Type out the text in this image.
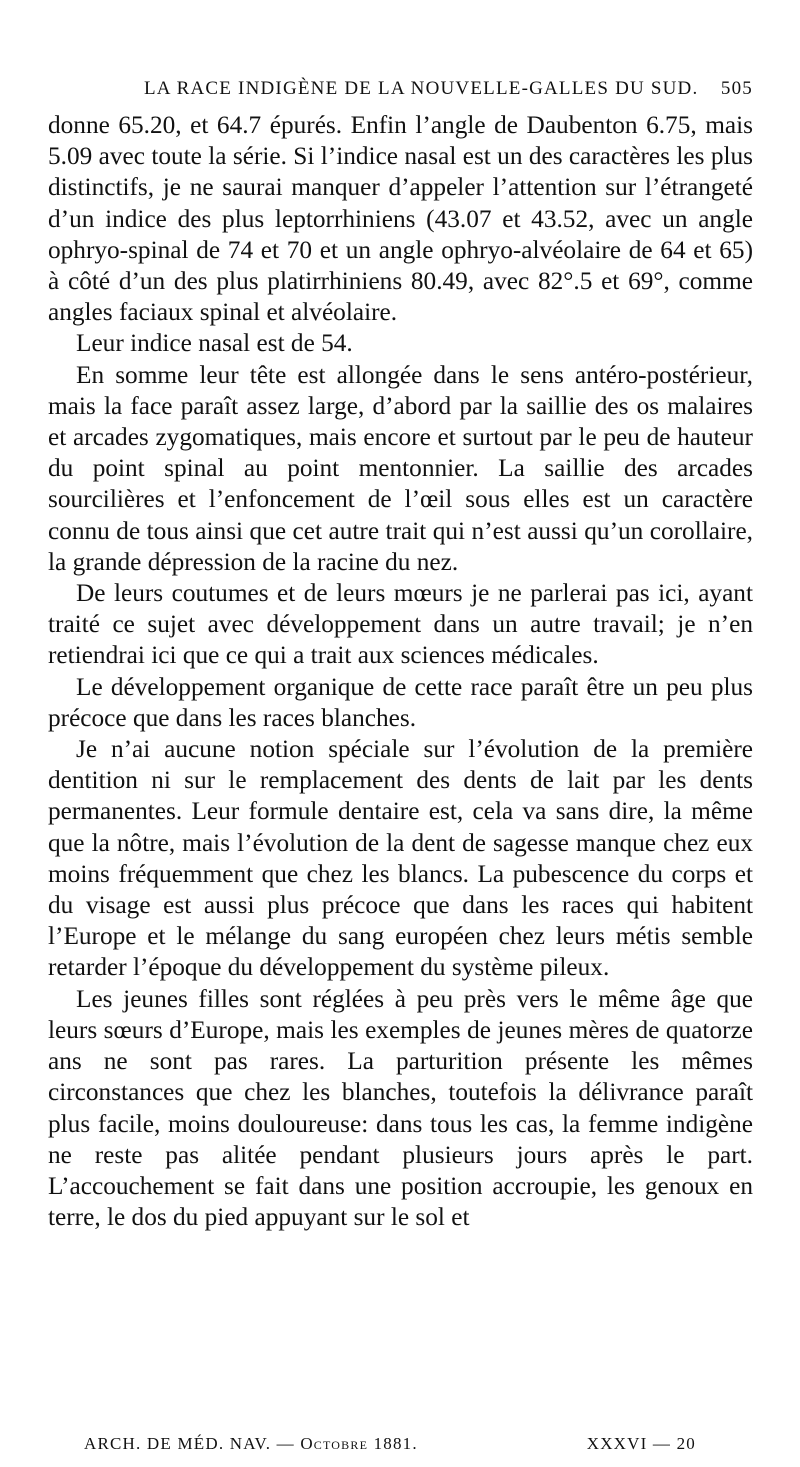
LA RACE INDIGÈNE DE LA NOUVELLE-GALLES DU SUD. 505

donne 65.20, et 64.7 épurés. Enfin l’angle de Daubenton 6.75, mais 5.09 avec toute la série. Si l’indice nasal est un des caractères les plus distinctifs, je ne saurai manquer d’appeler l’attention sur l’étrangeté d’un indice des plus leptorrhiniens (43.07 et 43.52, avec un angle ophryo-spinal de 74 et 70 et un angle ophryo-alvéolaire de 64 et 65) à côté d’un des plus platirrhiniens 80.49, avec 82°.5 et 69°, comme angles faciaux spinal et alvéolaire.

Leur indice nasal est de 54.

En somme leur tête est allongée dans le sens antéro-postérieur, mais la face paraît assez large, d’abord par la saillie des os malaires et arcades zygomatiques, mais encore et surtout par le peu de hauteur du point spinal au point mentonnier. La saillie des arcades sourcilières et l’enfoncement de l’œil sous elles est un caractère connu de tous ainsi que cet autre trait qui n’est aussi qu’un corollaire, la grande dépression de la racine du nez.

De leurs coutumes et de leurs mœurs je ne parlerai pas ici, ayant traité ce sujet avec développement dans un autre travail; je n’en retiendrai ici que ce qui a trait aux sciences médicales.

Le développement organique de cette race paraît être un peu plus précoce que dans les races blanches.

Je n’ai aucune notion spéciale sur l’évolution de la première dentition ni sur le remplacement des dents de lait par les dents permanentes. Leur formule dentaire est, cela va sans dire, la même que la nôtre, mais l’évolution de la dent de sagesse manque chez eux moins fréquemment que chez les blancs. La pubescence du corps et du visage est aussi plus précoce que dans les races qui habitent l’Europe et le mélange du sang européen chez leurs métis semble retarder l’époque du développement du système pileux.

Les jeunes filles sont réglées à peu près vers le même âge que leurs sœurs d’Europe, mais les exemples de jeunes mères de quatorze ans ne sont pas rares. La parturition présente les mêmes circonstances que chez les blanches, toutefois la délivrance paraît plus facile, moins douloureuse: dans tous les cas, la femme indigène ne reste pas alitée pendant plusieurs jours après le part. L’accouchement se fait dans une position accroupie, les genoux en terre, le dos du pied appuyant sur le sol et

ARCH. DE MÉD. NAV. — Octobre 1881.	XXXVI — 20
